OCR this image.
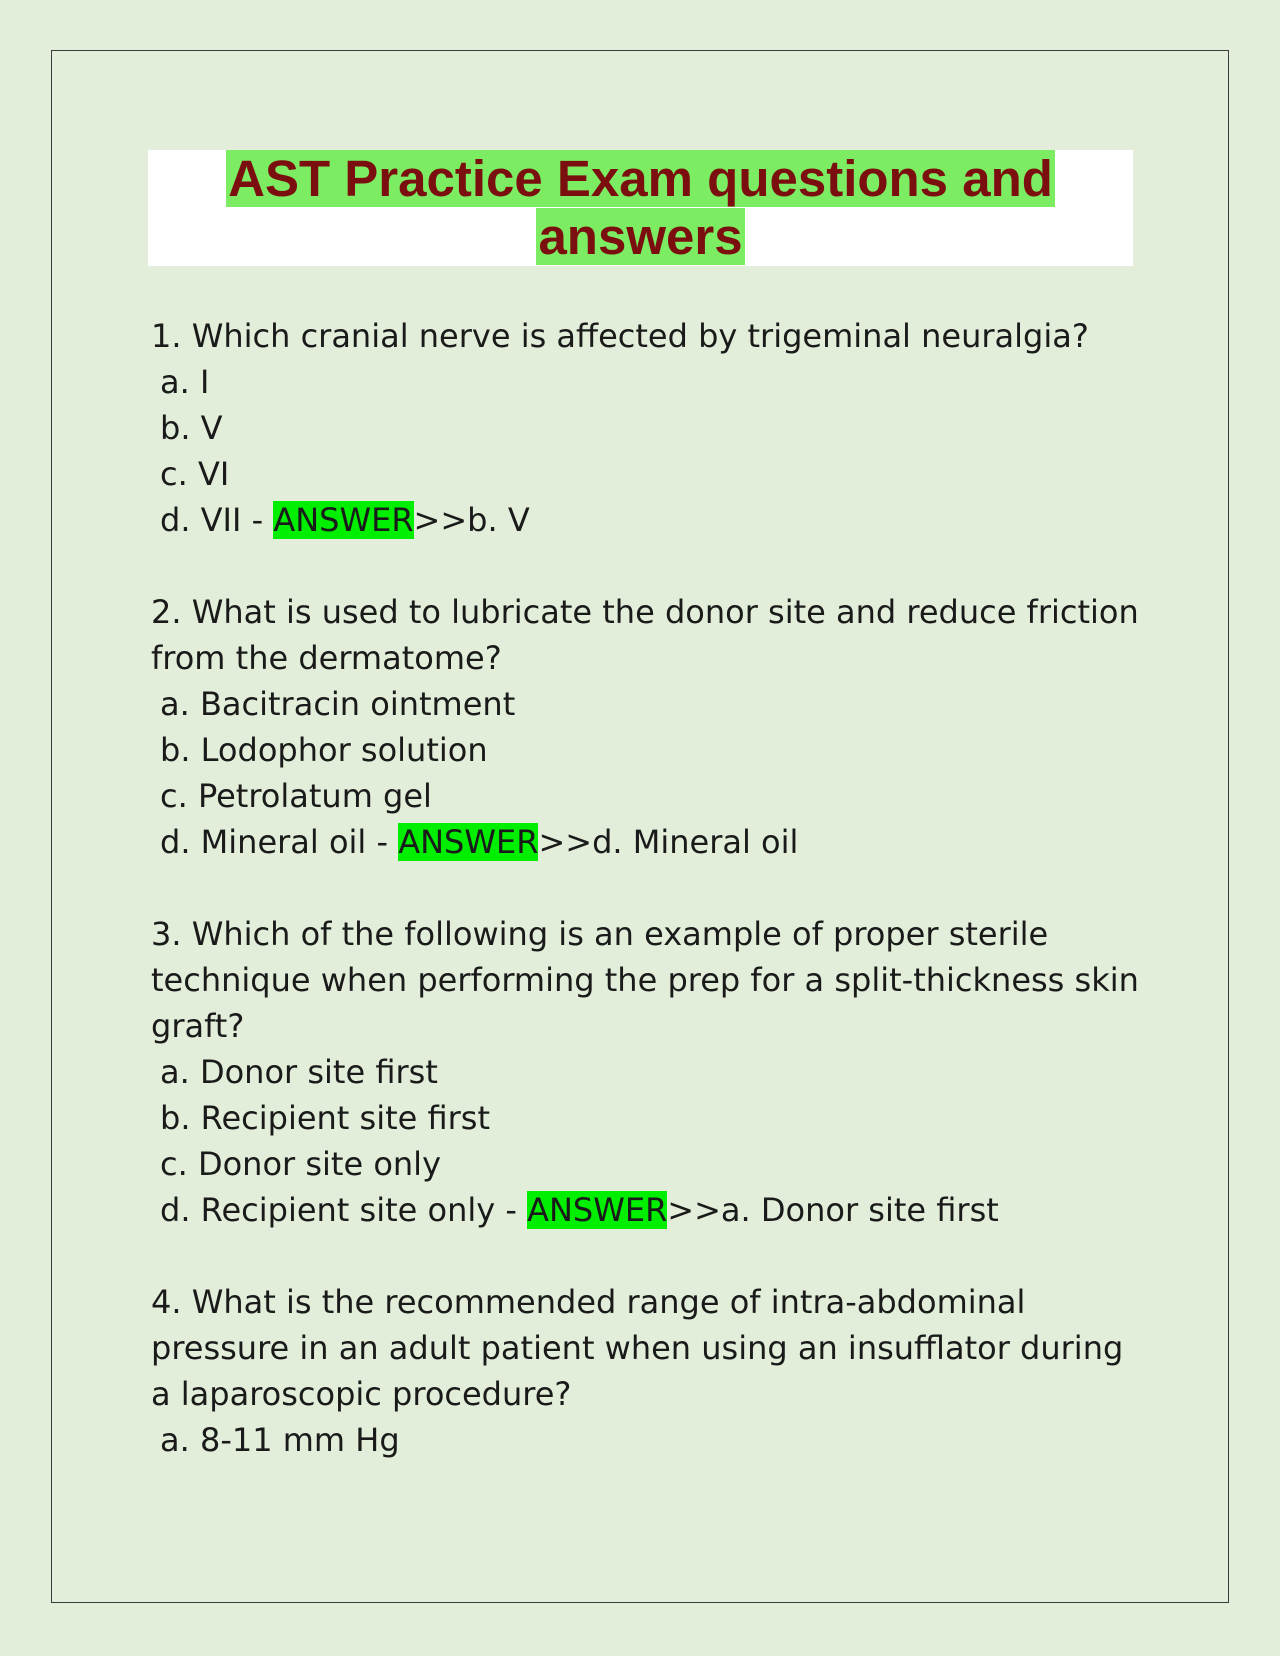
AST Practice Exam questions and
answers
1. Which cranial nerve is affected by trigeminal neuralgia?
a. I
b. V
c. VI
d. VII - ANSWER>>b. V
2. What is used to lubricate the donor site and reduce friction from the dermatome?
a. Bacitracin ointment
b. Lodophor solution
c. Petrolatum gel
d. Mineral oil - ANSWER>>d. Mineral oil
3. Which of the following is an example of proper sterile technique when performing the prep for a split-thickness skin graft?
a. Donor site first
b. Recipient site first
c. Donor site only
d. Recipient site only - ANSWER>>a. Donor site first
4. What is the recommended range of intra-abdominal pressure in an adult patient when using an insufflator during a laparoscopic procedure?
a. 8-11 mm Hg
